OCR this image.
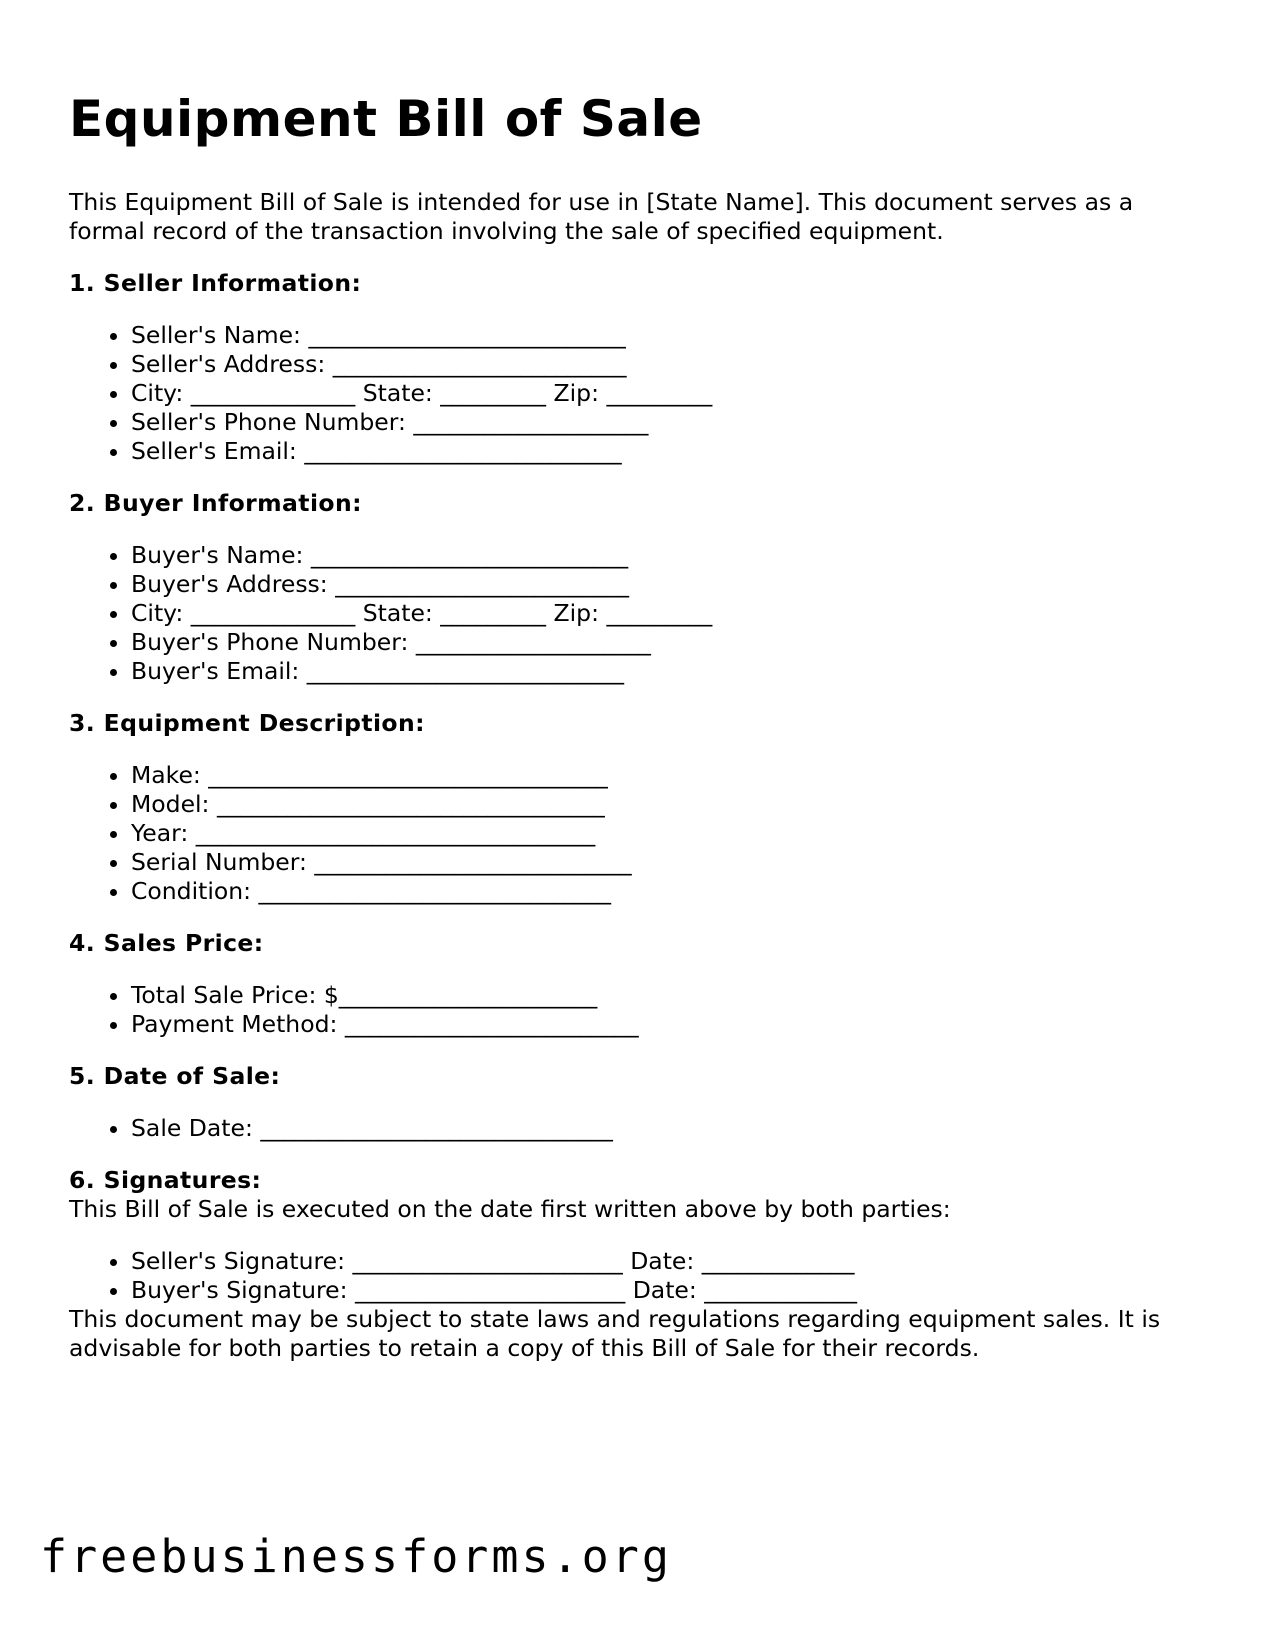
Equipment Bill of Sale

This Equipment Bill of Sale is intended for use in [State Name]. This document serves as a formal record of the transaction involving the sale of specified equipment.

1. Seller Information:
• Seller's Name: ___________________________
• Seller's Address: _________________________
• City: ______________ State: _________ Zip: _________
• Seller's Phone Number: ____________________
• Seller's Email: ___________________________
2. Buyer Information:
• Buyer's Name: ___________________________
• Buyer's Address: _________________________
• City: ______________ State: _________ Zip: _________
• Buyer's Phone Number: ____________________
• Buyer's Email: ___________________________
3. Equipment Description:
• Make: __________________________________
• Model: _________________________________
• Year: __________________________________
• Serial Number: ___________________________
• Condition: ______________________________
4. Sales Price:
• Total Sale Price: $______________________
• Payment Method: _________________________
5. Date of Sale:
• Sale Date: ______________________________
6. Signatures:

This Bill of Sale is executed on the date first written above by both parties:

• Seller's Signature: _______________________ Date: _____________
• Buyer's Signature: _______________________ Date: _____________

This document may be subject to state laws and regulations regarding equipment sales. It is advisable for both parties to retain a copy of this Bill of Sale for their records.

freebusinessforms.org
